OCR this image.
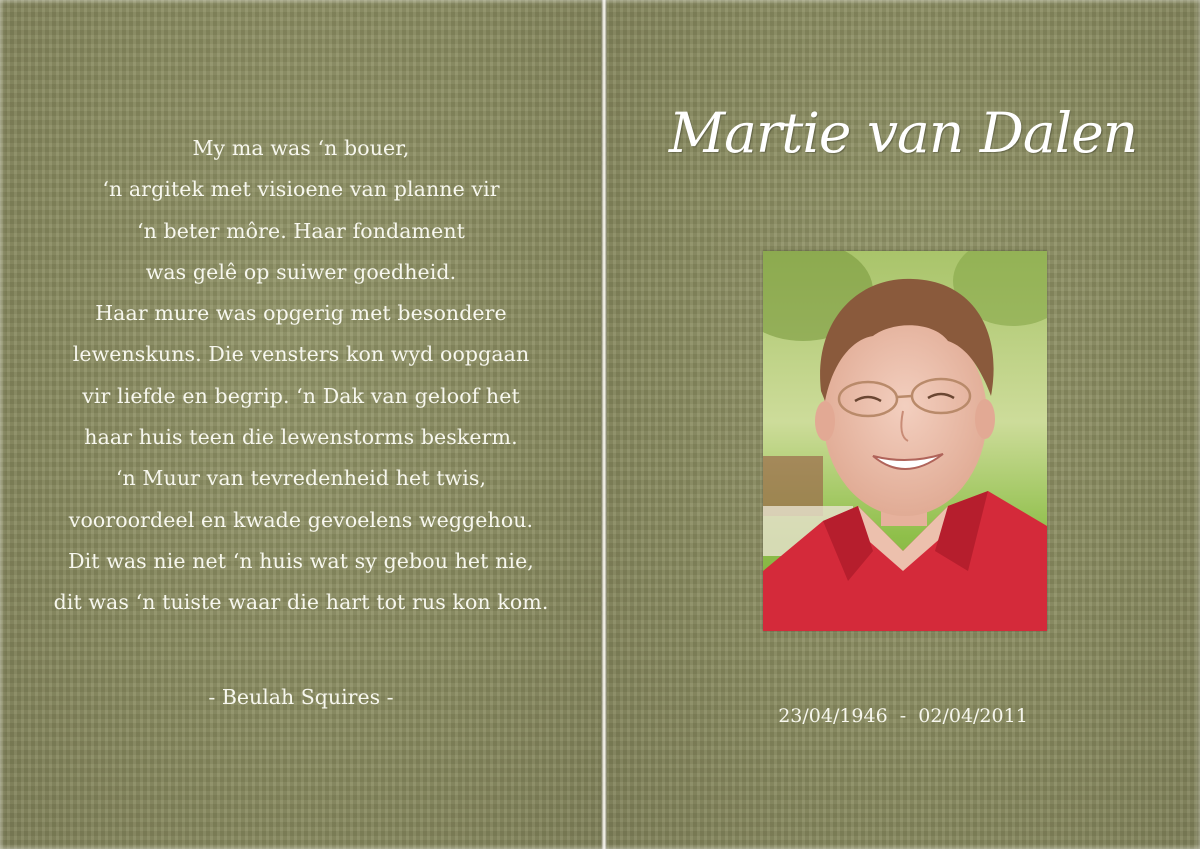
My ma was ‘n bouer,
‘n argitek met visioene van planne vir
‘n beter môre. Haar fondament
was gelê op suiwer goedheid.
Haar mure was opgerig met besondere
lewenskuns. Die vensters kon wyd oopgaan
vir liefde en begrip. ‘n Dak van geloof het
haar huis teen die lewenstorms beskerm.
‘n Muur van tevredenheid het twis,
vooroordeel en kwade gevoelens weggehou.
Dit was nie net ‘n huis wat sy gebou het nie,
dit was ‘n tuiste waar die hart tot rus kon kom.
- Beulah Squires -
Martie van Dalen
23/04/1946  -  02/04/2011
